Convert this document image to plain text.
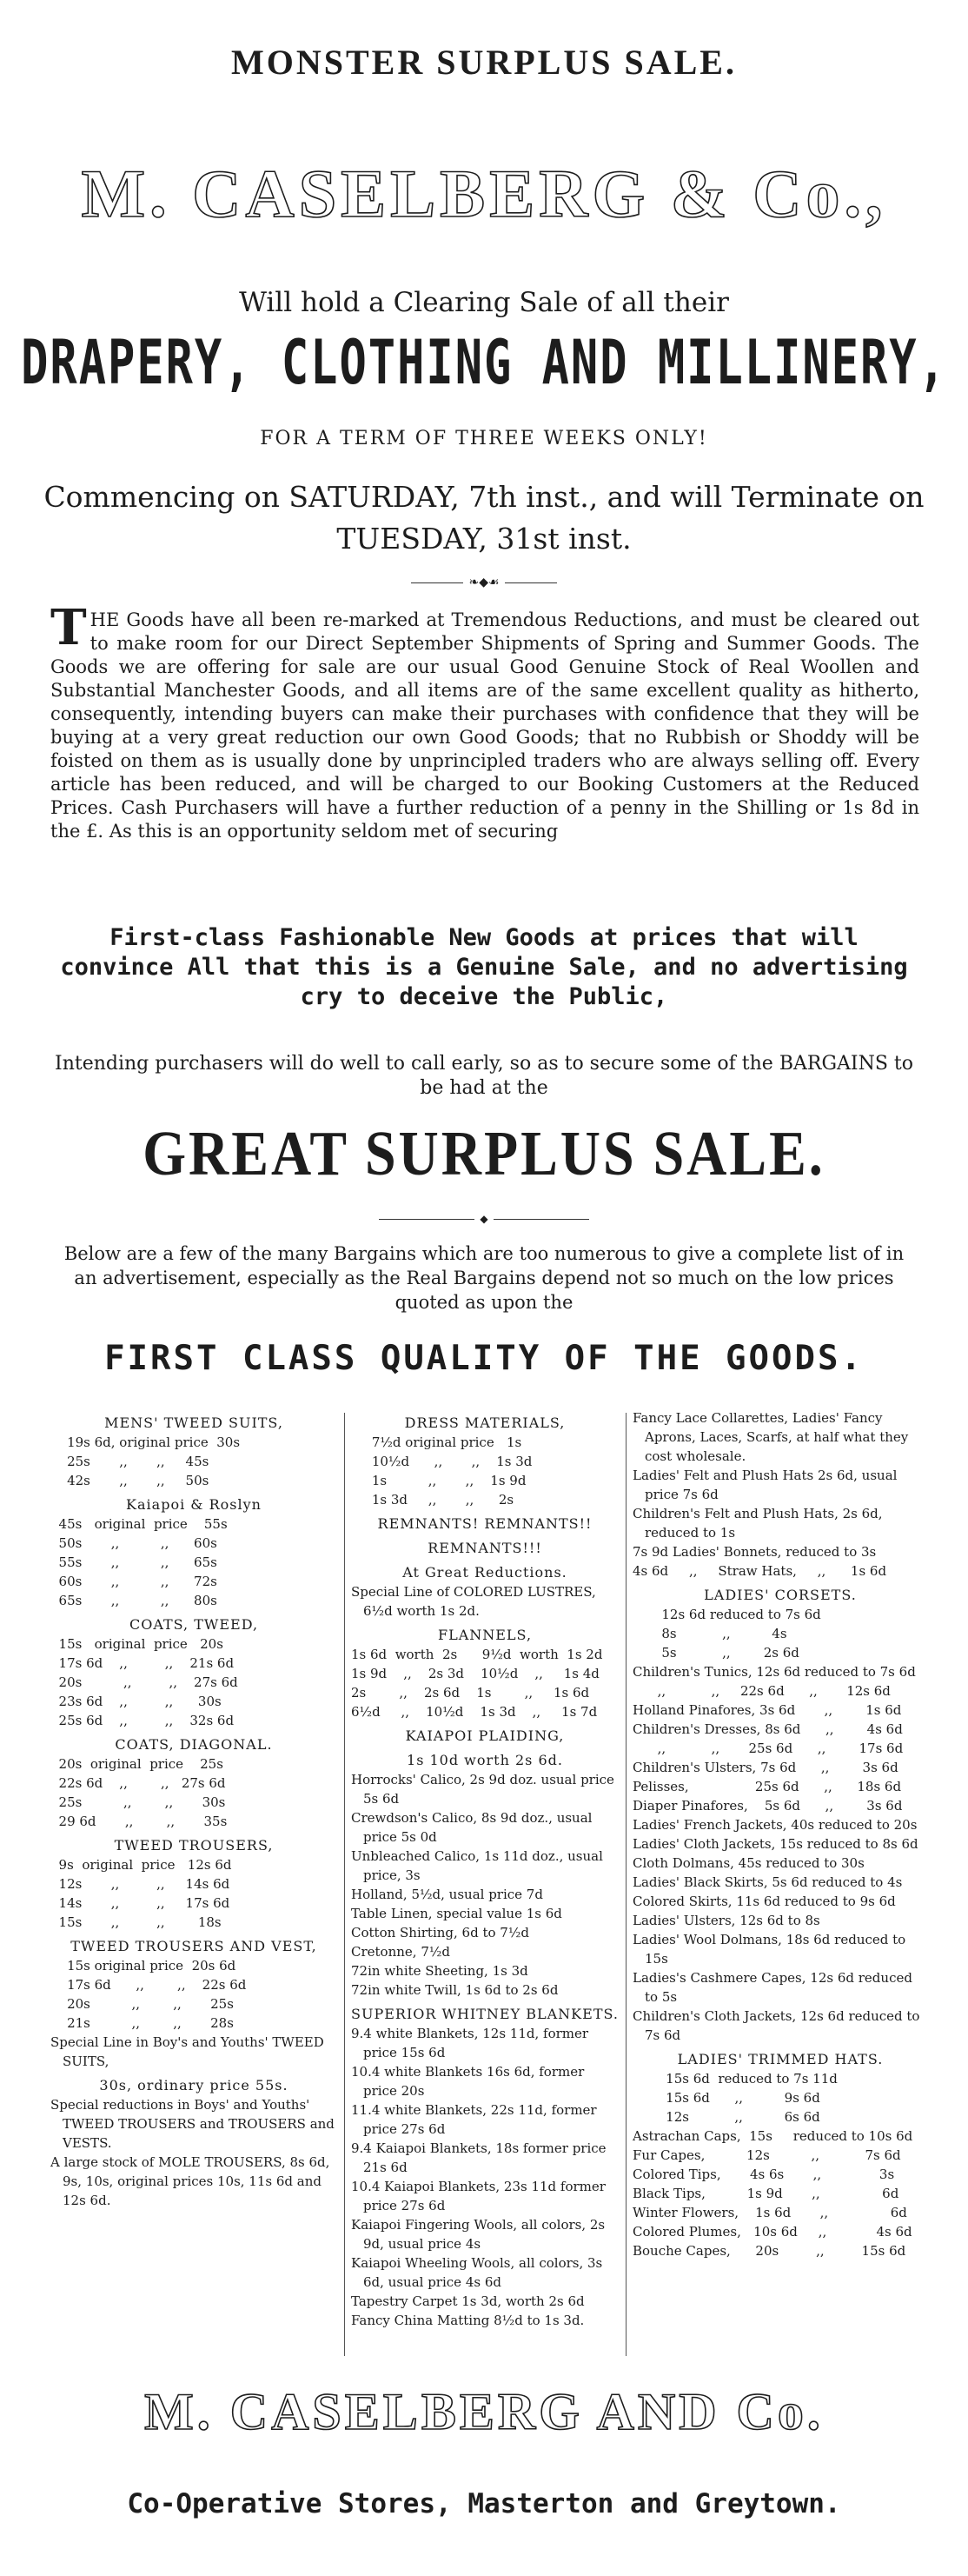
MONSTER SURPLUS SALE.
M. CASELBERG & Co.,
Will hold a Clearing Sale of all their
DRAPERY, CLOTHING AND MILLINERY,
FOR A TERM OF THREE WEEKS ONLY!
Commencing on SATURDAY, 7th inst., and will Terminate on TUESDAY, 31st inst.
❧◆☙
THE Goods have all been re-marked at Tremendous Reductions, and must be cleared out to make room for our Direct September Shipments of Spring and Summer Goods. The Goods we are offering for sale are our usual Good Genuine Stock of Real Woollen and Substantial Manchester Goods, and all items are of the same excellent quality as hitherto, consequently, intending buyers can make their purchases with confidence that they will be buying at a very great reduction our own Good Goods; that no Rubbish or Shoddy will be foisted on them as is usually done by unprincipled traders who are always selling off. Every article has been reduced, and will be charged to our Booking Customers at the Reduced Prices. Cash Purchasers will have a further reduction of a penny in the Shilling or 1s 8d in the £. As this is an opportunity seldom met of securing
First-class Fashionable New Goods at prices that will convince All that this is a Genuine Sale, and no advertising cry to deceive the Public,
Intending purchasers will do well to call early, so as to secure some of the BARGAINS to be had at the
GREAT SURPLUS SALE.
◆
Below are a few of the many Bargains which are too numerous to give a complete list of in an advertisement, especially as the Real Bargains depend not so much on the low prices quoted as upon the
FIRST CLASS QUALITY OF THE GOODS.
MENS' TWEED SUITS,
19s 6d, original price  30s
25s       ,,       ,,     45s
42s       ,,       ,,     50s
Kaiapoi & Roslyn
45s   original  price    55s
50s       ,,          ,,      60s
55s       ,,          ,,      65s
60s       ,,          ,,      72s
65s       ,,          ,,      80s
COATS, TWEED,
15s   original  price   20s
17s 6d    ,,         ,,    21s 6d
20s          ,,         ,,    27s 6d
23s 6d    ,,         ,,      30s
25s 6d    ,,         ,,    32s 6d
COATS, DIAGONAL.
20s  original  price    25s
22s 6d    ,,        ,,   27s 6d
25s          ,,        ,,       30s
29 6d       ,,        ,,       35s
TWEED TROUSERS,
9s  original  price   12s 6d
12s       ,,         ,,     14s 6d
14s       ,,         ,,     17s 6d
15s       ,,         ,,        18s
TWEED TROUSERS AND VEST,
15s original price  20s 6d
17s 6d      ,,        ,,    22s 6d
20s          ,,        ,,       25s
21s          ,,        ,,       28s
Special Line in Boy's and Youths' TWEED SUITS,
30s, ordinary price 55s.
Special reductions in Boys' and Youths' TWEED TROUSERS and TROUSERS and VESTS.
A large stock of MOLE TROUSERS, 8s 6d, 9s, 10s, original prices 10s, 11s 6d and 12s 6d.
DRESS MATERIALS,
7½d original price   1s
10½d      ,,       ,,    1s 3d
1s          ,,       ,,    1s 9d
1s 3d     ,,       ,,      2s
REMNANTS! REMNANTS!!
REMNANTS!!!
At Great Reductions.
Special Line of COLORED LUSTRES, 6½d worth 1s 2d.
FLANNELS,
1s 6d  worth  2s      9½d  worth  1s 2d
1s 9d    ,,    2s 3d    10½d    ,,     1s 4d
2s        ,,    2s 6d    1s        ,,     1s 6d
6½d     ,,    10½d    1s 3d    ,,     1s 7d
KAIAPOI PLAIDING,
1s 10d worth 2s 6d.
Horrocks' Calico, 2s 9d doz. usual price 5s 6d
Crewdson's Calico, 8s 9d doz., usual price 5s 0d
Unbleached Calico, 1s 11d doz., usual price, 3s
Holland, 5½d, usual price 7d
Table Linen, special value 1s 6d
Cotton Shirting, 6d to 7½d
Cretonne, 7½d
72in white Sheeting, 1s 3d
72in white Twill, 1s 6d to 2s 6d
SUPERIOR WHITNEY BLANKETS.
9.4 white Blankets, 12s 11d, former price 15s 6d
10.4 white Blankets 16s 6d, former price 20s
11.4 white Blankets, 22s 11d, former price 27s 6d
9.4 Kaiapoi Blankets, 18s former price 21s 6d
10.4 Kaiapoi Blankets, 23s 11d former price 27s 6d
Kaiapoi Fingering Wools, all colors, 2s 9d, usual price 4s
Kaiapoi Wheeling Wools, all colors, 3s 6d, usual price 4s 6d
Tapestry Carpet 1s 3d, worth 2s 6d
Fancy China Matting 8½d to 1s 3d.
Fancy Lace Collarettes, Ladies' Fancy Aprons, Laces, Scarfs, at half what they cost wholesale.
Ladies' Felt and Plush Hats 2s 6d, usual price 7s 6d
Children's Felt and Plush Hats, 2s 6d, reduced to 1s
7s 9d Ladies' Bonnets, reduced to 3s
4s 6d     ,,     Straw Hats,     ,,      1s 6d
LADIES' CORSETS.
12s 6d reduced to 7s 6d
8s           ,,          4s
5s           ,,        2s 6d
Children's Tunics, 12s 6d reduced to 7s 6d
,,           ,,     22s 6d      ,,       12s 6d
Holland Pinafores, 3s 6d       ,,        1s 6d
Children's Dresses, 8s 6d      ,,        4s 6d
,,           ,,       25s 6d      ,,        17s 6d
Children's Ulsters, 7s 6d      ,,        3s 6d
Pelisses,                25s 6d      ,,      18s 6d
Diaper Pinafores,    5s 6d      ,,        3s 6d
Ladies' French Jackets, 40s reduced to 20s
Ladies' Cloth Jackets, 15s reduced to 8s 6d
Cloth Dolmans, 45s reduced to 30s
Ladies' Black Skirts, 5s 6d reduced to 4s
Colored Skirts, 11s 6d reduced to 9s 6d
Ladies' Ulsters, 12s 6d to 8s
Ladies' Wool Dolmans, 18s 6d reduced to 15s
Ladies's Cashmere Capes, 12s 6d reduced to 5s
Children's Cloth Jackets, 12s 6d reduced to 7s 6d
LADIES' TRIMMED HATS.
15s 6d  reduced to 7s 11d
15s 6d      ,,          9s 6d
12s           ,,          6s 6d
Astrachan Caps,  15s     reduced to 10s 6d
Fur Capes,          12s          ,,           7s 6d
Colored Tips,       4s 6s       ,,              3s
Black Tips,          1s 9d       ,,               6d
Winter Flowers,    1s 6d       ,,               6d
Colored Plumes,   10s 6d     ,,            4s 6d
Bouche Capes,      20s         ,,         15s 6d
M. CASELBERG AND Co.
Co-Operative Stores, Masterton and Greytown.
